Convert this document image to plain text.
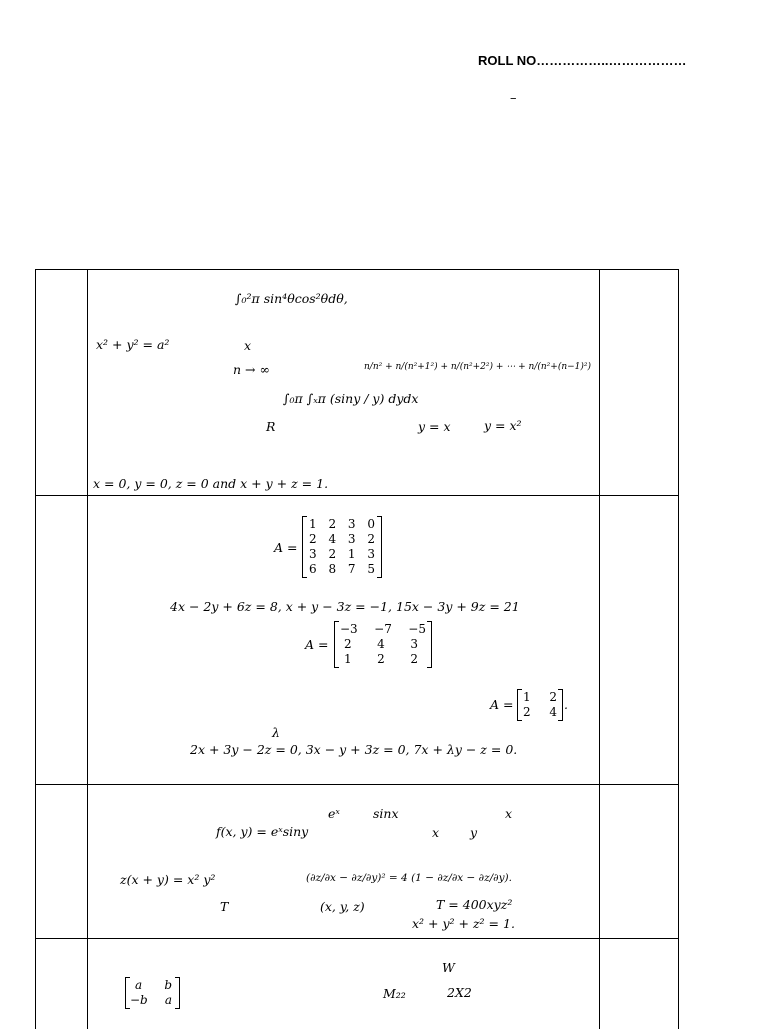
ROLL NO……………..………………
–
∫₀²π sin⁴θcos²θdθ,
x² + y² = a²	x
n → ∞	n/n² + n/(n²+1²) + n/(n²+2²) + ⋯ + n/(n²+(n−1)²)
∫₀π ∫ₓπ (siny / y) dydx
R	y = x	y = x²
x = 0, y = 0, z = 0 and x + y + z = 1.
A =
1 2 3 0
2 4 3 2
3 2 1 3
6 8 7 5
4x − 2y + 6z = 8, x + y − 3z = −1, 15x − 3y + 9z = 21
A =
−3 −7 −5
2 4 3
1 2 2
A =
1 2
2 4 .
λ
2x + 3y − 2z = 0, 3x − y + 3z = 0, 7x + λy − z = 0.
eˣ	sinx	x
f(x, y) = eˣsiny	x y
z(x + y) = x² y²	(∂z/∂x − ∂z/∂y)² = 4 (1 − ∂z/∂x − ∂z/∂y).
T	(x, y, z)	T = 400xyz²
x² + y² + z² = 1.
W
a b
−b a	M₂₂	2X2
